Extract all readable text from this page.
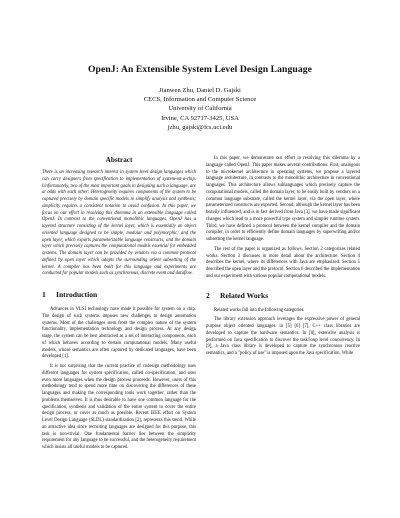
OpenJ: An Extensible System Level Design Language
Jianwen Zhu, Daniel D. Gajski
CECS, Information and Computer Science
University of California
Irvine, CA 92717-3425, USA
jzhu, gajski@ics.uci.edu
Abstract

There is an increasing research interest in system level design languages which can carry designers from specification to implementation of system-on-a-chip. Unfortunately, two of the most important goals in designing such a language, are at odds with each other: Heterogeneity requires components of the system to be captured precisely by domain specific models to simplify analysis and synthesis; simplicity requires a consistent notation to avoid confusion. In this paper, we focus on our effort in resolving this dilemma in an extensible language called OpenJ. In contrast to the conventional monolithic languages, OpenJ has a layered structure consisting of the kernel layer, which is essentially an object oriented language designed to be simple, modular and polymorphic; and the open layer, which exports parameterizable language constructs; and the domain layer which precisely captures the computational models essential for embedded systems. The domain layer can be provided by vendors via a common protocol defined by open layer which adapts the surrounding orient subsetting of the kernel. A compiler has been built for this language and experiments are conducted for popular models such as synchronous, discrete event and dataflow.

1 Introduction

Advances in VLSI technology have made it possible for system on a chip. The design of such systems imposes new challenges to design automation systems. Most of the challenges stem from the complex nature of the system functionality, implementation technology and design process. At any design stage, the system can be best abstracted as a set of interacting components, each of which behaves according to certain computational models. Many useful models, whose semantics are often captured by dedicated languages, have been developed [1].

It is not surprising that the current practice of codesign methodology uses different languages for system specification, called co-specification, and uses even more languages when the design process proceeds. However, users of this methodology tend to spend more time on discovering the differences of these languages and making the corresponding tools work together, rather than the problems themselves. It is thus desirable to have one common language for the specification, synthesis and validation of the entire system to cover the entire design process, or cover as much as possible. Recent IEEE effort on System Level Design Language (SLDL) standardization [2], represents this trend. While an attractive idea since recruiting languages are designed for this purpose, this task is non-trivial. One fundamental barrier lies between the simplicity requirement for any language to be successful, and the heterogeneity requirement which insists all useful models to be captured.

In this paper, we demonstrate our effort in resolving this dilemma by a language called OpenJ. This paper makes several contributions. First, analogous to the microkernel architecture in operating systems, we propose a layered language architecture, in contrasts to the monolithic architecture in conventional languages. This architecture allows sublanguages which precisely capture the computational models, called the domain layer, to be easily built by vendors on a common language substrate, called the kernel layer, via the open layer, where parameterized constructs are exported. Second, although the kernel layer has been heavily influenced, and is in fact derived from Java [3], we have made significant changes which lead to a more powerful type system and simpler runtime system. Third, we have defined a protocol between the kernel compiler and the domain compiler, in order to efficiently define domain languages by superwriting and/or subsetting the kernel language.

The rest of the paper is organized as follows. Section 2 categorizes related works. Section 3 discusses in more detail about the architecture. Section 4 describes the kernel, where its differences with Java are emphasized. Section 5 described the open layer and the protocol. Section 6 described the implementation and our experiment with various popular computational models.

2 Related Works

Related works fall into the following categories.

The library extension approach leverages the expressive power of general purpose object oriented languages. in [5] [6] [7], C++ class libraries are developed to capture the hardware semantics. In [8], extensive analysis is performed on Java specification to discover the task/loop level concurrency. In [9], a Java class library is developed to capture the synchronous reactive semantics, and a "policy of use" is imposed upon the Java specification. While
